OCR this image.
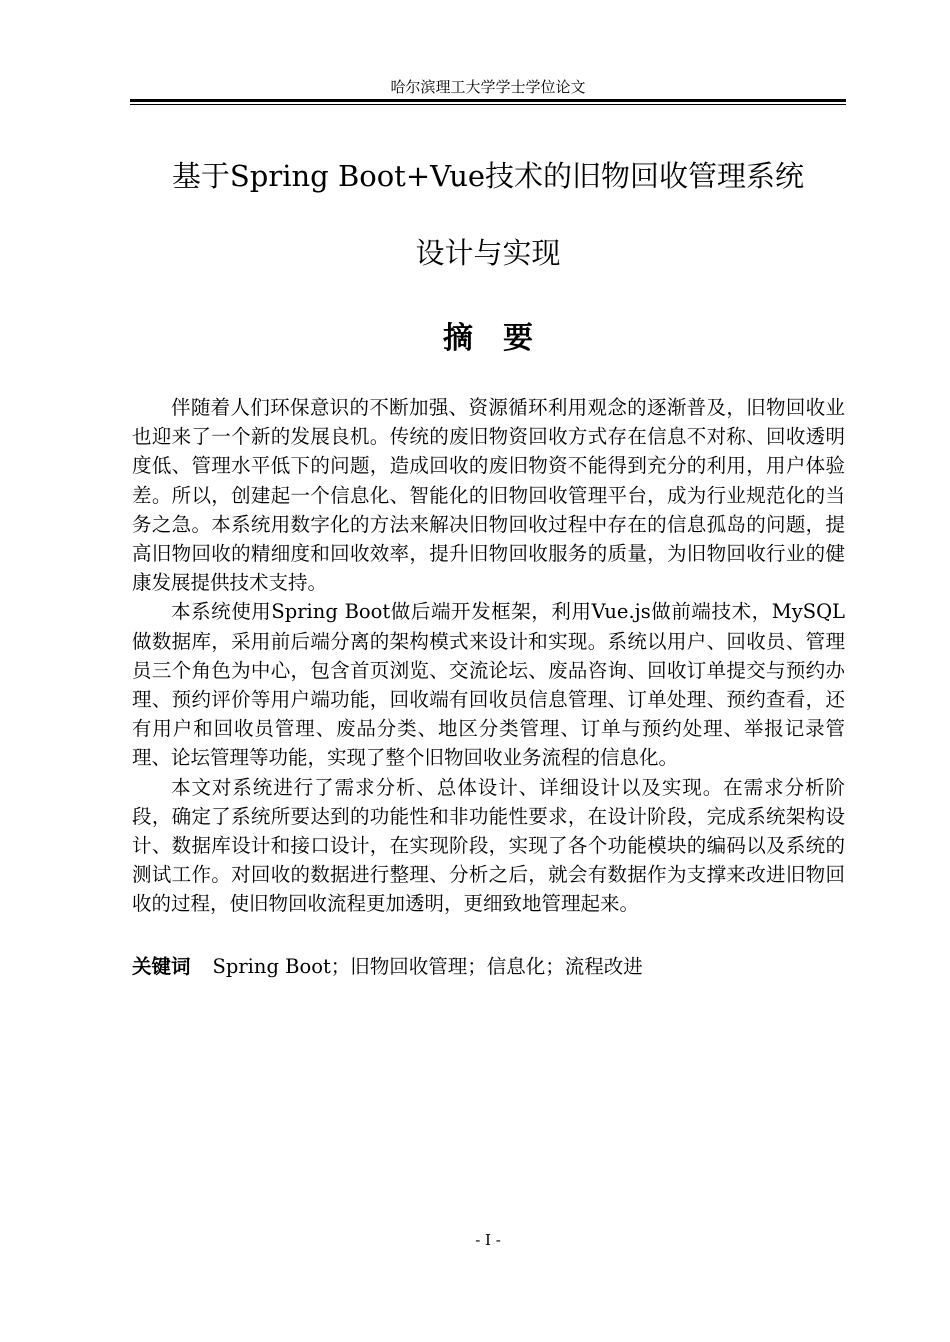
哈尔滨理工大学学士学位论文
基于Spring Boot+Vue技术的旧物回收管理系统
设计与实现
摘要

伴随着人们环保意识的不断加强、资源循环利用观念的逐渐普及，旧物回收业也迎来了一个新的发展良机。传统的废旧物资回收方式存在信息不对称、回收透明度低、管理水平低下的问题，造成回收的废旧物资不能得到充分的利用，用户体验差。所以，创建起一个信息化、智能化的旧物回收管理平台，成为行业规范化的当务之急。本系统用数字化的方法来解决旧物回收过程中存在的信息孤岛的问题，提高旧物回收的精细度和回收效率，提升旧物回收服务的质量，为旧物回收行业的健康发展提供技术支持。

本系统使用Spring Boot做后端开发框架，利用Vue.js做前端技术，MySQL做数据库，采用前后端分离的架构模式来设计和实现。系统以用户、回收员、管理员三个角色为中心，包含首页浏览、交流论坛、废品咨询、回收订单提交与预约办理、预约评价等用户端功能，回收端有回收员信息管理、订单处理、预约查看，还有用户和回收员管理、废品分类、地区分类管理、订单与预约处理、举报记录管理、论坛管理等功能，实现了整个旧物回收业务流程的信息化。

本文对系统进行了需求分析、总体设计、详细设计以及实现。在需求分析阶段，确定了系统所要达到的功能性和非功能性要求，在设计阶段，完成系统架构设计、数据库设计和接口设计，在实现阶段，实现了各个功能模块的编码以及系统的测试工作。对回收的数据进行整理、分析之后，就会有数据作为支撑来改进旧物回收的过程，使旧物回收流程更加透明，更细致地管理起来。

关键词 Spring Boot；旧物回收管理；信息化；流程改进
- I -
